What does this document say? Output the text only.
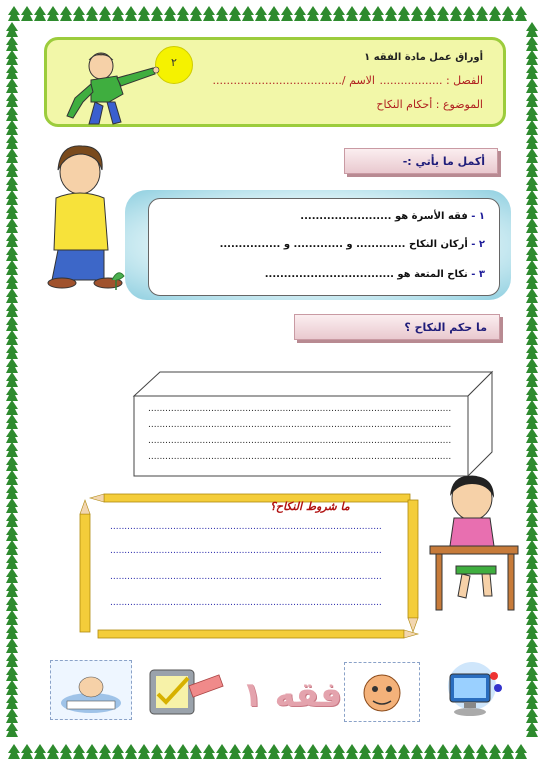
أوراق عمل مادة الفقه ١
الفصل : ..................
الاسم /.....................................
الموضوع : أحكام النكاح
٢
أكمل ما يأتي :-
١ - فقه الأسرة هو ........................
٢ - أركان النكاح ............. و ............. و ................
٣ - نكاح المتعة هو ..................................
ما حكم النكاح ؟
..........................................................................................................
..........................................................................................................
..........................................................................................................
..........................................................................................................
ما شروط النكاح؟
...............................................................................................
...............................................................................................
...............................................................................................
...............................................................................................
فقه ١
